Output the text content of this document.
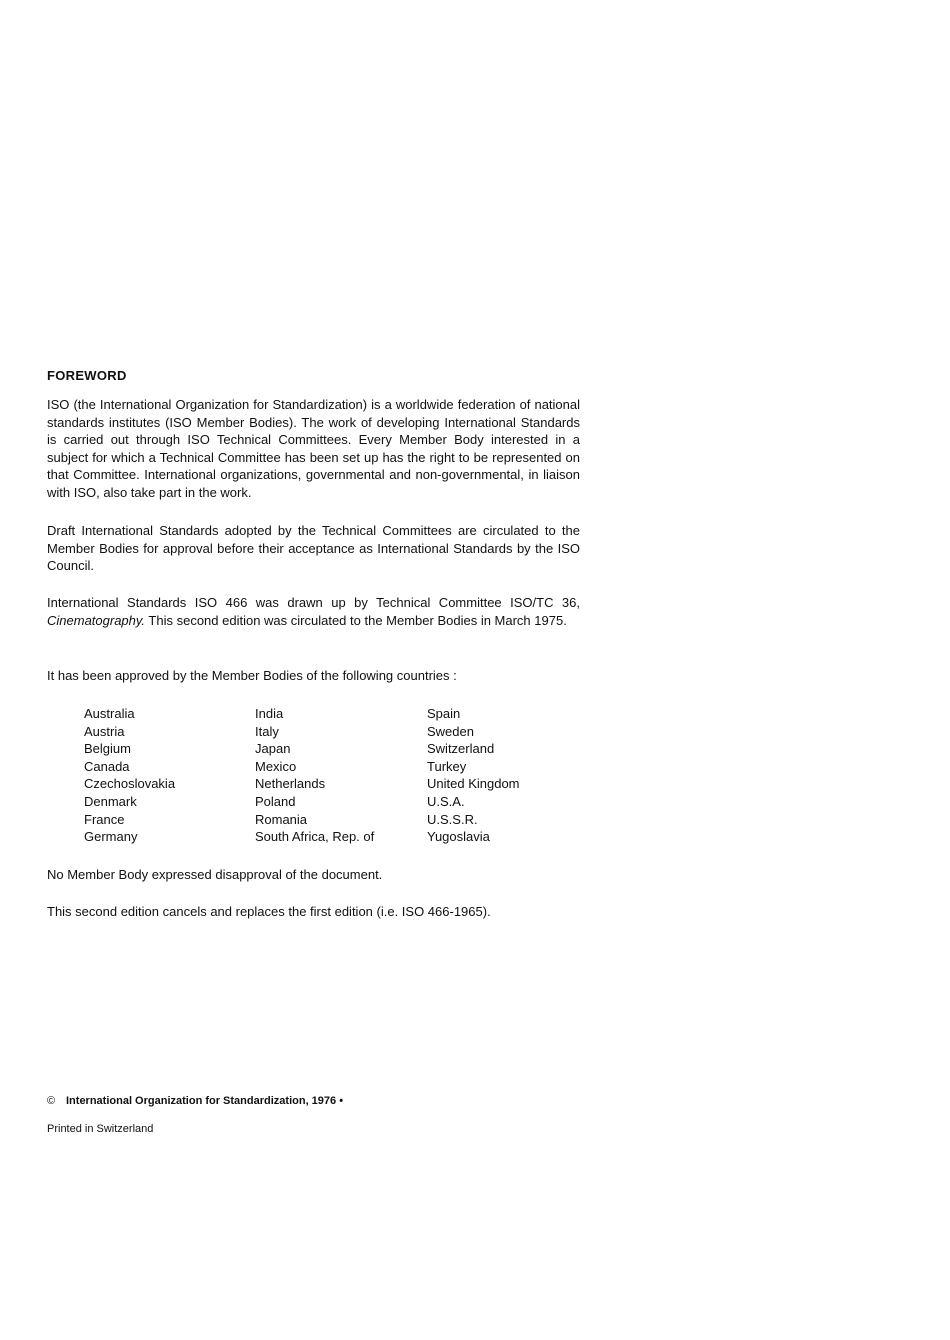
FOREWORD

ISO (the International Organization for Standardization) is a worldwide federation of national standards institutes (ISO Member Bodies). The work of developing International Standards is carried out through ISO Technical Committees. Every Member Body interested in a subject for which a Technical Committee has been set up has the right to be represented on that Committee. International organizations, governmental and non-governmental, in liaison with ISO, also take part in the work.

Draft International Standards adopted by the Technical Committees are circulated to the Member Bodies for approval before their acceptance as International Standards by the ISO Council.

International Standards ISO 466 was drawn up by Technical Committee ISO/TC 36, Cinematography. This second edition was circulated to the Member Bodies in March 1975.

It has been approved by the Member Bodies of the following countries :

Australia	India	Spain
Austria	Italy	Sweden
Belgium	Japan	Switzerland
Canada	Mexico	Turkey
Czechoslovakia	Netherlands	United Kingdom
Denmark	Poland	U.S.A.
France	Romania	U.S.S.R.
Germany	South Africa, Rep. of	Yugoslavia

No Member Body expressed disapproval of the document.

This second edition cancels and replaces the first edition (i.e. ISO 466-1965).

© International Organization for Standardization, 1976 •

Printed in Switzerland
